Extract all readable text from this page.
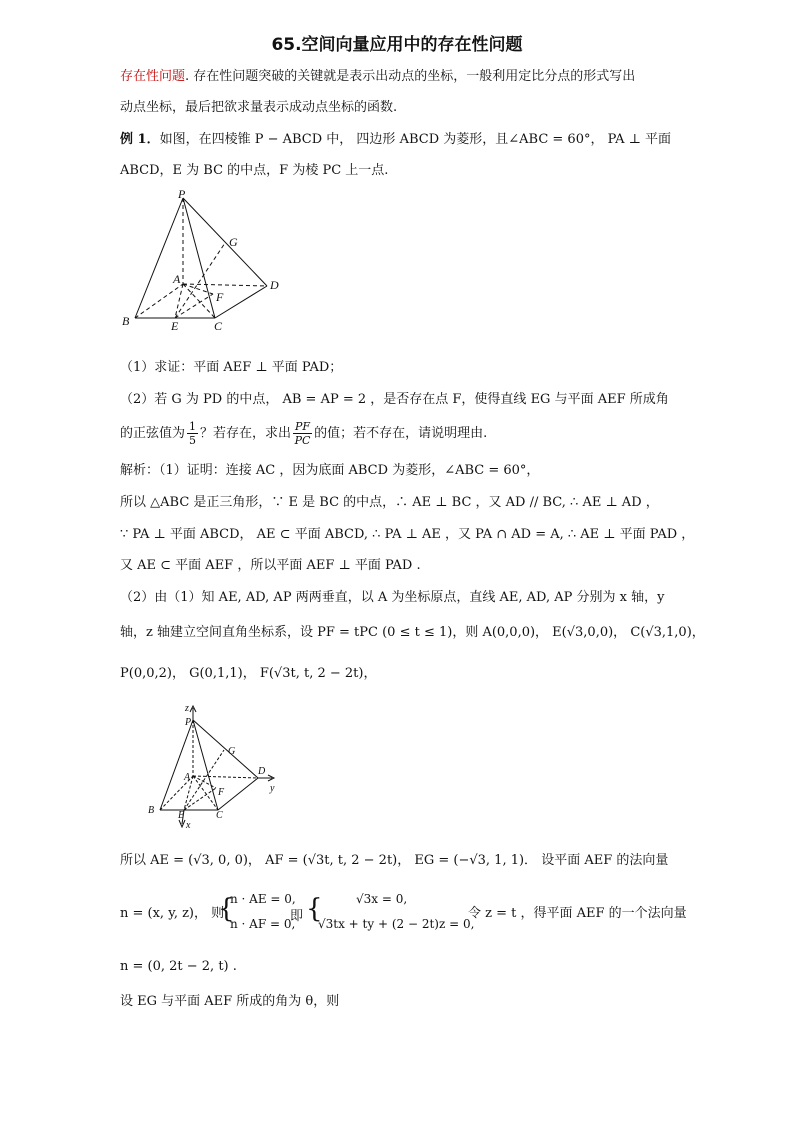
65.空间向量应用中的存在性问题
存在性问题. 存在性问题突破的关键就是表示出动点的坐标，一般利用定比分点的形式写出
动点坐标，最后把欲求量表示成动点坐标的函数.
例 1．如图，在四棱锥 P − ABCD 中， 四边形 ABCD 为菱形，且∠ABC = 60°， PA ⊥ 平面
ABCD，E 为 BC 的中点，F 为棱 PC 上一点.
P
G
A	D
F
B	E	C
（1）求证：平面 AEF ⊥ 平面 PAD；
（2）若 G 为 PD 的中点， AB = AP = 2 ，是否存在点 F，使得直线 EG 与平面 AEF 所成角
的正弦值为 $\frac{1}{5}$ ？若存在，求出 $\frac{PF}{PC}$ 的值；若不存在，请说明理由.
解析：（1）证明：连接 AC ，因为底面 ABCD 为菱形，∠ABC = 60°，
所以 △ABC 是正三角形，∵ E 是 BC 的中点，∴ AE ⊥ BC ，又 AD // BC, ∴ AE ⊥ AD ，
∵ PA ⊥ 平面 ABCD， AE ⊂ 平面 ABCD, ∴ PA ⊥ AE ，又 PA ∩ AD = A, ∴ AE ⊥ 平面 PAD ，
又 AE ⊂ 平面 AEF ，所以平面 AEF ⊥ 平面 PAD .
（2）由（1）知 AE, AD, AP 两两垂直，以 A 为坐标原点，直线 AE, AD, AP 分别为 x 轴，y
轴，z 轴建立空间直角坐标系，设 PF = tPC (0 ≤ t ≤ 1)，则 A(0,0,0)， E(√3,0,0)， C(√3,1,0)，
P(0,0,2)， G(0,1,1)， F(√3t, t, 2 − 2t)，
z
P
G
A
D
y
F
B E	C
x
所以 AE = (√3, 0, 0)， AF = (√3t, t, 2 − 2t)， EG = (−√3, 1, 1)． 设平面 AEF 的法向量
n = (x, y, z)， 则
{
n · AE = 0,
n · AF = 0,
即 {	√3x = 0,
√3tx + ty + (2 − 2t)z = 0,
令 z = t ，得平面 AEF 的一个法向量
n = (0, 2t − 2, t) .
设 EG 与平面 AEF 所成的角为 θ，则
